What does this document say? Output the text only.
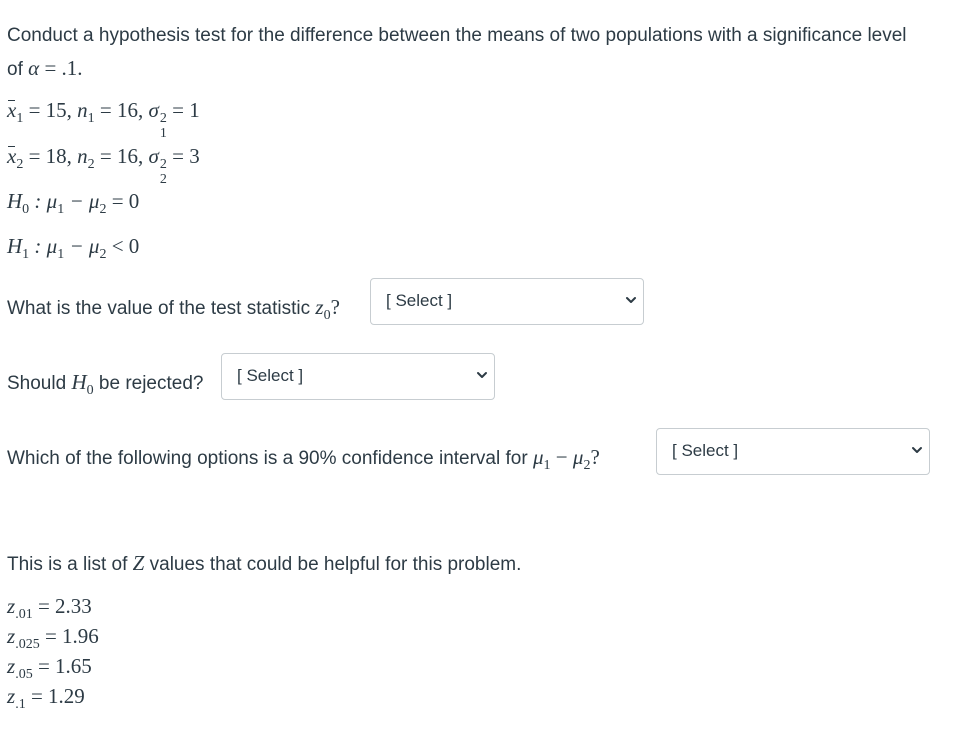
Conduct a hypothesis test for the difference between the means of two populations with a significance level
of α = .1.
$x_1 = 15$, $n_1 = 16$, σ 2
1
= 1
$x_2 = 18$, $n_2 = 16$, σ 2
2
= 3
$H_0$ : $\mu_1 - \mu_2 = 0$
$H_1$ : $\mu_1 - \mu_2 < 0$
What is the value of the test statistic $z_0$?	[ Select ]
Should $H_0$ be rejected? [ Select ]
Which of the following options is a 90% confidence interval for $\mu_1 - \mu_2$?	[ Select ]
This is a list of Z values that could be helpful for this problem.
$z_{.01} = 2.33$
$z_{.025} = 1.96$
$z_{.05} = 1.65$
$z_{.1} = 1.29$
